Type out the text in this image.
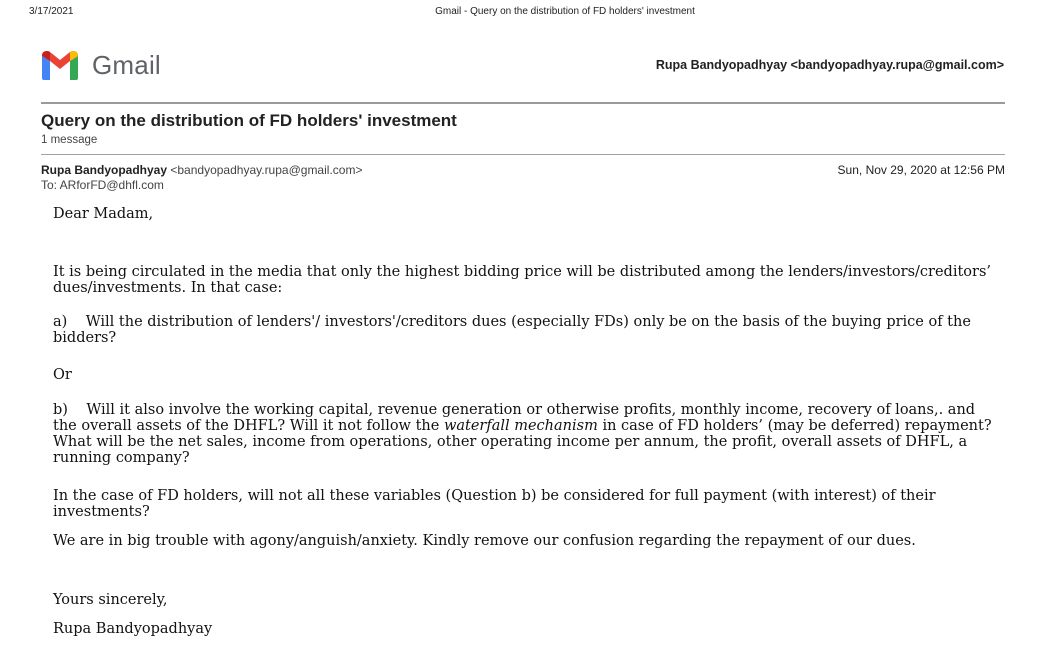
3/17/2021	Gmail - Query on the distribution of FD holders' investment
Gmail	Rupa Bandyopadhyay <bandyopadhyay.rupa@gmail.com>
Query on the distribution of FD holders' investment
1 message
Rupa Bandyopadhyay <bandyopadhyay.rupa@gmail.com>	Sun, Nov 29, 2020 at 12:56 PM
To: ARforFD@dhfl.com
Dear Madam,
It is being circulated in the media that only the highest bidding price will be distributed among the lenders/investors/creditors’ dues/investments. In that case:
a)    Will the distribution of lenders'/ investors'/creditors dues (especially FDs) only be on the basis of the buying price of the bidders?
Or
b)    Will it also involve the working capital, revenue generation or otherwise profits, monthly income, recovery of loans,. and the overall assets of the DHFL? Will it not follow the waterfall mechanism in case of FD holders’ (may be deferred) repayment? What will be the net sales, income from operations, other operating income per annum, the profit, overall assets of DHFL, a running company?
In the case of FD holders, will not all these variables (Question b) be considered for full payment (with interest) of their investments?
We are in big trouble with agony/anguish/anxiety. Kindly remove our confusion regarding the repayment of our dues.
Yours sincerely,
Rupa Bandyopadhyay
